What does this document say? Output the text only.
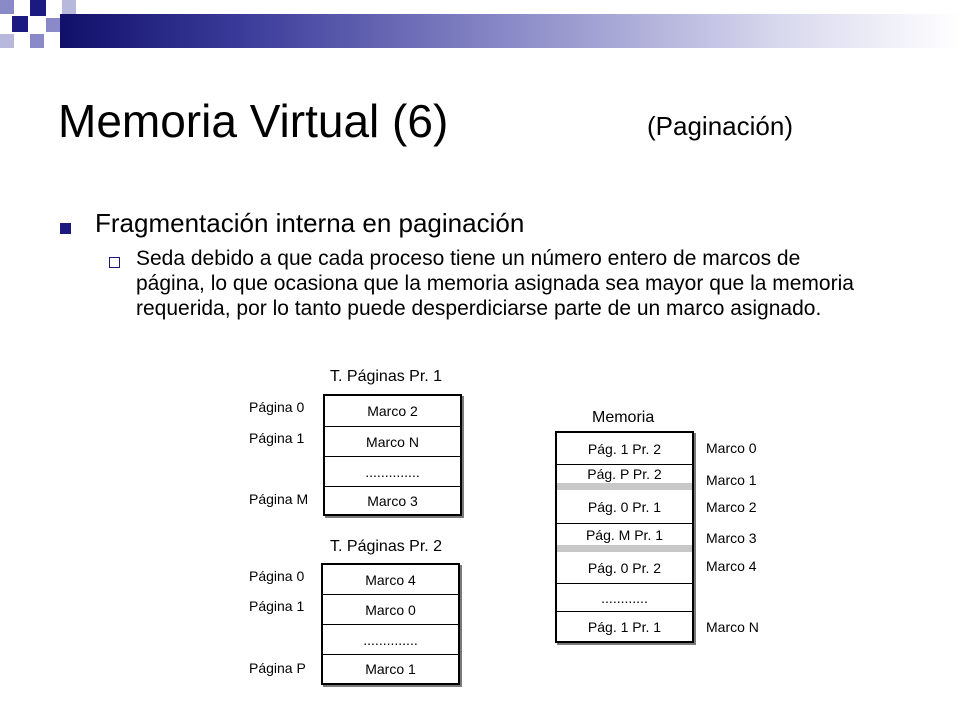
Memoria Virtual (6)	(Paginación)
Fragmentación interna en paginación
Seda debido a que cada proceso tiene un número entero de marcos de página, lo que ocasiona que la memoria asignada sea mayor que la memoria requerida, por lo tanto puede desperdiciarse parte de un marco asignado.
T. Páginas Pr. 1
Marco 2
Marco N
..............
Marco 3
Página 0
Página 1
Página M
T. Páginas Pr. 2
Marco 4
Marco 0
..............
Marco 1
Página 0
Página 1
Página P
Memoria
Pág. 1 Pr. 2
Pág. P Pr. 2
Pág. 0 Pr. 1
Pág. M Pr. 1
Pág. 0 Pr. 2
............
Pág. 1 Pr. 1
Marco 0
Marco 1
Marco 2
Marco 3
Marco 4
Marco N
